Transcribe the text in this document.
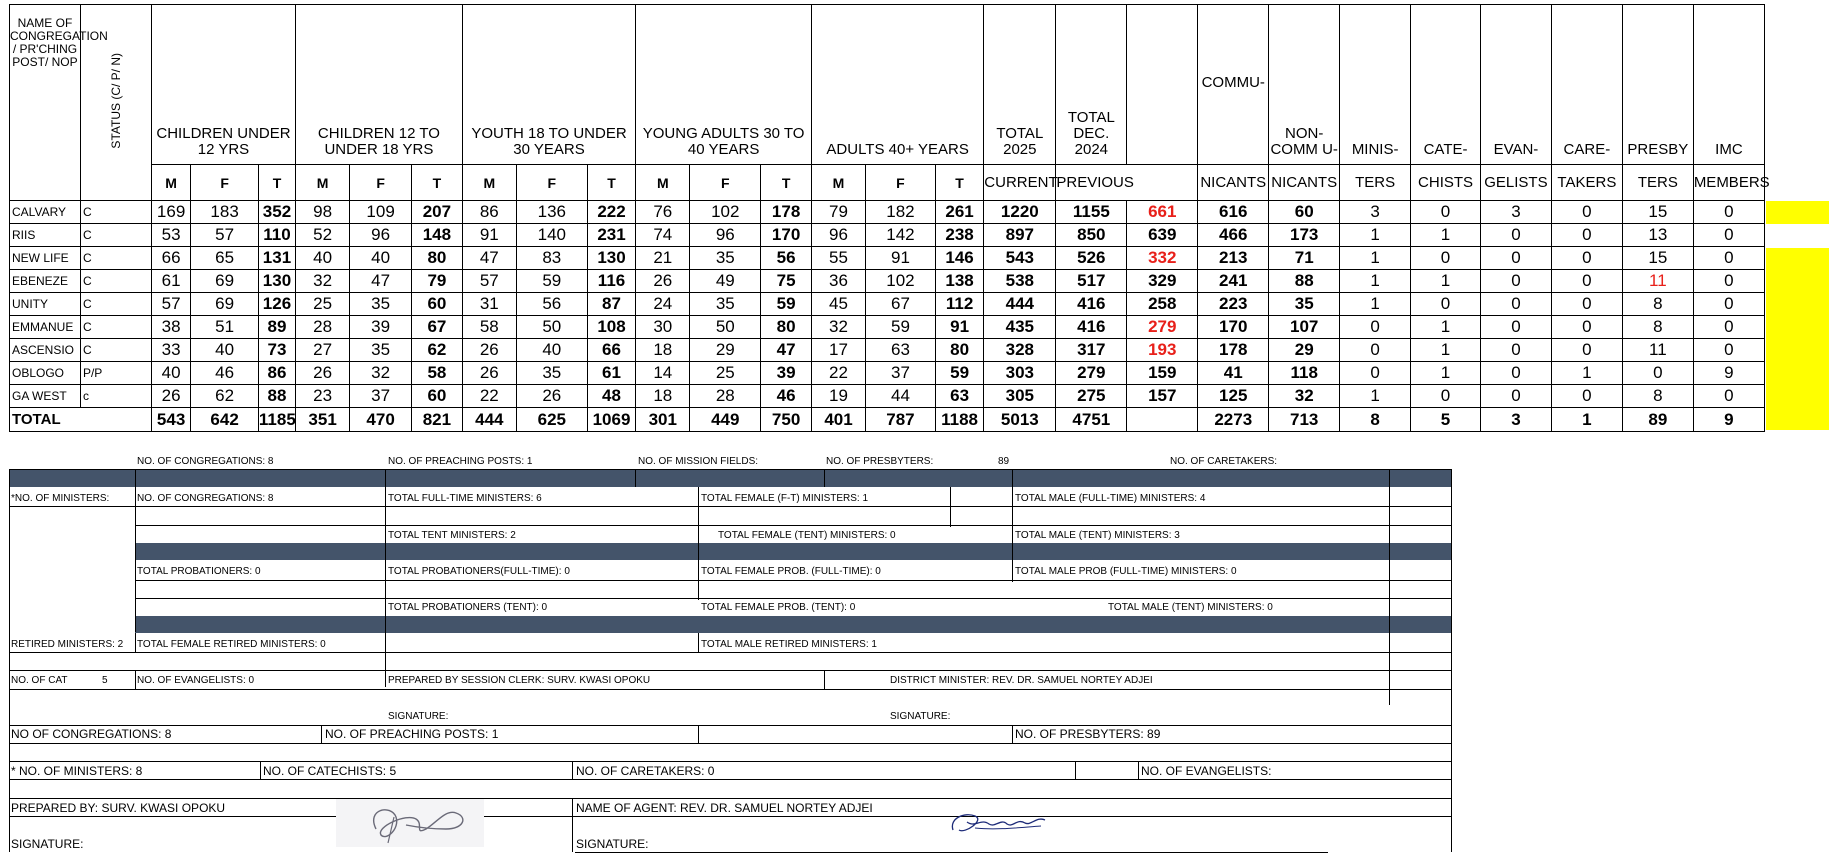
NAME OF CONGREGATION / PR'CHING POST/ NOP	STATUS (C/ P/ N)	CHILDREN UNDER 12 YRS			CHILDREN 12 TO UNDER 18 YRS			YOUTH 18 TO UNDER 30 YEARS			YOUNG ADULTS 30 TO 40 YEARS			ADULTS 40+ YEARS			TOTAL 2025	TOTAL DEC. 2024		COMMU-	NON- COMM U-	MINIS-	CATE-	EVAN-	CARE-	PRESBY	IMC
		M	F	T	M	F	T	M	F	T	M	F	T	M	F	T	CURRENT	PREVIOUS		NICANTS	NICANTS	TERS	CHISTS	GELISTS	TAKERS	TERS	MEMBERS
CALVARY	C	169	183	352	98	109	207	86	136	222	76	102	178	79	182	261	1220	1155	661	616	60	3	0	3	0	15	0
RIIS	C	53	57	110	52	96	148	91	140	231	74	96	170	96	142	238	897	850	639	466	173	1	1	0	0	13	0
NEW LIFE	C	66	65	131	40	40	80	47	83	130	21	35	56	55	91	146	543	526	332	213	71	1	0	0	0	15	0
EBENEZE	C	61	69	130	32	47	79	57	59	116	26	49	75	36	102	138	538	517	329	241	88	1	1	0	0	11	0
UNITY	C	57	69	126	25	35	60	31	56	87	24	35	59	45	67	112	444	416	258	223	35	1	0	0	0	8	0
EMMANUE	C	38	51	89	28	39	67	58	50	108	30	50	80	32	59	91	435	416	279	170	107	0	1	0	0	8	0
ASCENSIO	C	33	40	73	27	35	62	26	40	66	18	29	47	17	63	80	328	317	193	178	29	0	1	0	0	11	0
OBLOGO	P/P	40	46	86	26	32	58	26	35	61	14	25	39	22	37	59	303	279	159	41	118	0	1	0	1	0	9
GA WEST	c	26	62	88	23	37	60	22	26	48	18	28	46	19	44	63	305	275	157	125	32	1	0	0	0	8	0
TOTAL		543	642	1185	351	470	821	444	625	1069	301	449	750	401	787	1188	5013	4751		2273	713	8	5	3	1	89	9
NO. OF CONGREGATIONS: 8	NO. OF PREACHING POSTS: 1	NO. OF MISSION FIELDS:	NO. OF PRESBYTERS:	89	NO. OF CARETAKERS:
*NO. OF MINISTERS:	NO. OF CONGREGATIONS: 8	TOTAL FULL-TIME MINISTERS: 6	TOTAL FEMALE (F-T) MINISTERS: 1	TOTAL MALE (FULL-TIME) MINISTERS: 4
TOTAL TENT MINISTERS: 2	TOTAL FEMALE (TENT) MINISTERS: 0	TOTAL MALE (TENT) MINISTERS: 3
TOTAL PROBATIONERS: 0	TOTAL PROBATIONERS(FULL-TIME): 0	TOTAL FEMALE PROB. (FULL-TIME): 0	TOTAL MALE PROB (FULL-TIME) MINISTERS: 0
TOTAL PROBATIONERS (TENT): 0	TOTAL FEMALE PROB. (TENT): 0	TOTAL MALE (TENT) MINISTERS: 0
RETIRED MINISTERS: 2 TOTAL FEMALE RETIRED MINISTERS: 0	TOTAL MALE RETIRED MINISTERS: 1
NO. OF CAT	5	NO. OF EVANGELISTS: 0	PREPARED BY SESSION CLERK: SURV. KWASI OPOKU	DISTRICT MINISTER: REV. DR. SAMUEL NORTEY ADJEI
SIGNATURE:	SIGNATURE:
NO OF CONGREGATIONS: 8	NO. OF PREACHING POSTS: 1	NO. OF PRESBYTERS: 89
* NO. OF MINISTERS: 8	NO. OF CATECHISTS: 5	NO. OF CARETAKERS: 0	NO. OF EVANGELISTS:
PREPARED BY: SURV. KWASI OPOKU	NAME OF AGENT: REV. DR. SAMUEL NORTEY ADJEI
SIGNATURE:	SIGNATURE:
